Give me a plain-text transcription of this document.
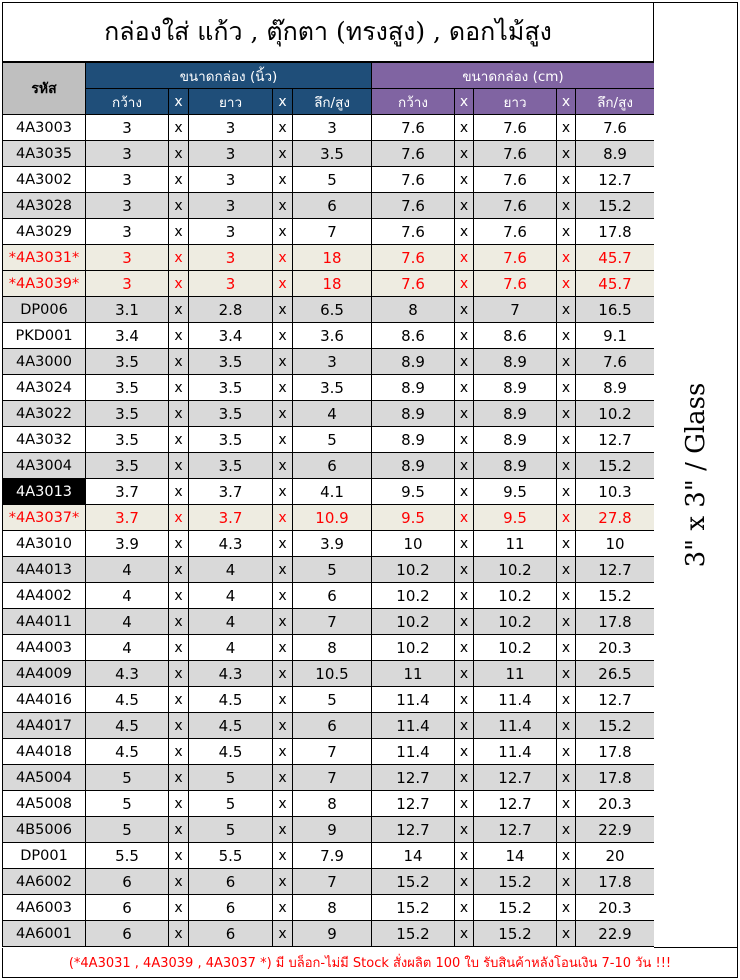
กล่องใส่ แก้ว , ตุ๊กตา (ทรงสูง) , ดอกไม้สูง
รหัส	ขนาดกล่อง (นิ้ว)					ขนาดกล่อง (cm)				
	กว้าง	x	ยาว	x	ลึก/สูง	กว้าง	x	ยาว	x	ลึก/สูง
4A3003	3	x	3	x	3	7.6	x	7.6	x	7.6
4A3035	3	x	3	x	3.5	7.6	x	7.6	x	8.9
4A3002	3	x	3	x	5	7.6	x	7.6	x	12.7
4A3028	3	x	3	x	6	7.6	x	7.6	x	15.2
4A3029	3	x	3	x	7	7.6	x	7.6	x	17.8
*4A3031*	3	x	3	x	18	7.6	x	7.6	x	45.7
*4A3039*	3	x	3	x	18	7.6	x	7.6	x	45.7
DP006	3.1	x	2.8	x	6.5	8	x	7	x	16.5
PKD001	3.4	x	3.4	x	3.6	8.6	x	8.6	x	9.1
4A3000	3.5	x	3.5	x	3	8.9	x	8.9	x	7.6
4A3024	3.5	x	3.5	x	3.5	8.9	x	8.9	x	8.9
4A3022	3.5	x	3.5	x	4	8.9	x	8.9	x	10.2
4A3032	3.5	x	3.5	x	5	8.9	x	8.9	x	12.7
4A3004	3.5	x	3.5	x	6	8.9	x	8.9	x	15.2
4A3013	3.7	x	3.7	x	4.1	9.5	x	9.5	x	10.3
*4A3037*	3.7	x	3.7	x	10.9	9.5	x	9.5	x	27.8
4A3010	3.9	x	4.3	x	3.9	10	x	11	x	10
4A4013	4	x	4	x	5	10.2	x	10.2	x	12.7
4A4002	4	x	4	x	6	10.2	x	10.2	x	15.2
4A4011	4	x	4	x	7	10.2	x	10.2	x	17.8
4A4003	4	x	4	x	8	10.2	x	10.2	x	20.3
4A4009	4.3	x	4.3	x	10.5	11	x	11	x	26.5
4A4016	4.5	x	4.5	x	5	11.4	x	11.4	x	12.7
4A4017	4.5	x	4.5	x	6	11.4	x	11.4	x	15.2
4A4018	4.5	x	4.5	x	7	11.4	x	11.4	x	17.8
4A5004	5	x	5	x	7	12.7	x	12.7	x	17.8
4A5008	5	x	5	x	8	12.7	x	12.7	x	20.3
4B5006	5	x	5	x	9	12.7	x	12.7	x	22.9
DP001	5.5	x	5.5	x	7.9	14	x	14	x	20
4A6002	6	x	6	x	7	15.2	x	15.2	x	17.8
4A6003	6	x	6	x	8	15.2	x	15.2	x	20.3
4A6001	6	x	6	x	9	15.2	x	15.2	x	22.9
3" x 3" / Glass
(*4A3031 , 4A3039 , 4A3037 *) มี บล็อก-ไม่มี Stock สั่งผลิต 100 ใบ รับสินค้าหลังโอนเงิน 7-10 วัน !!!
